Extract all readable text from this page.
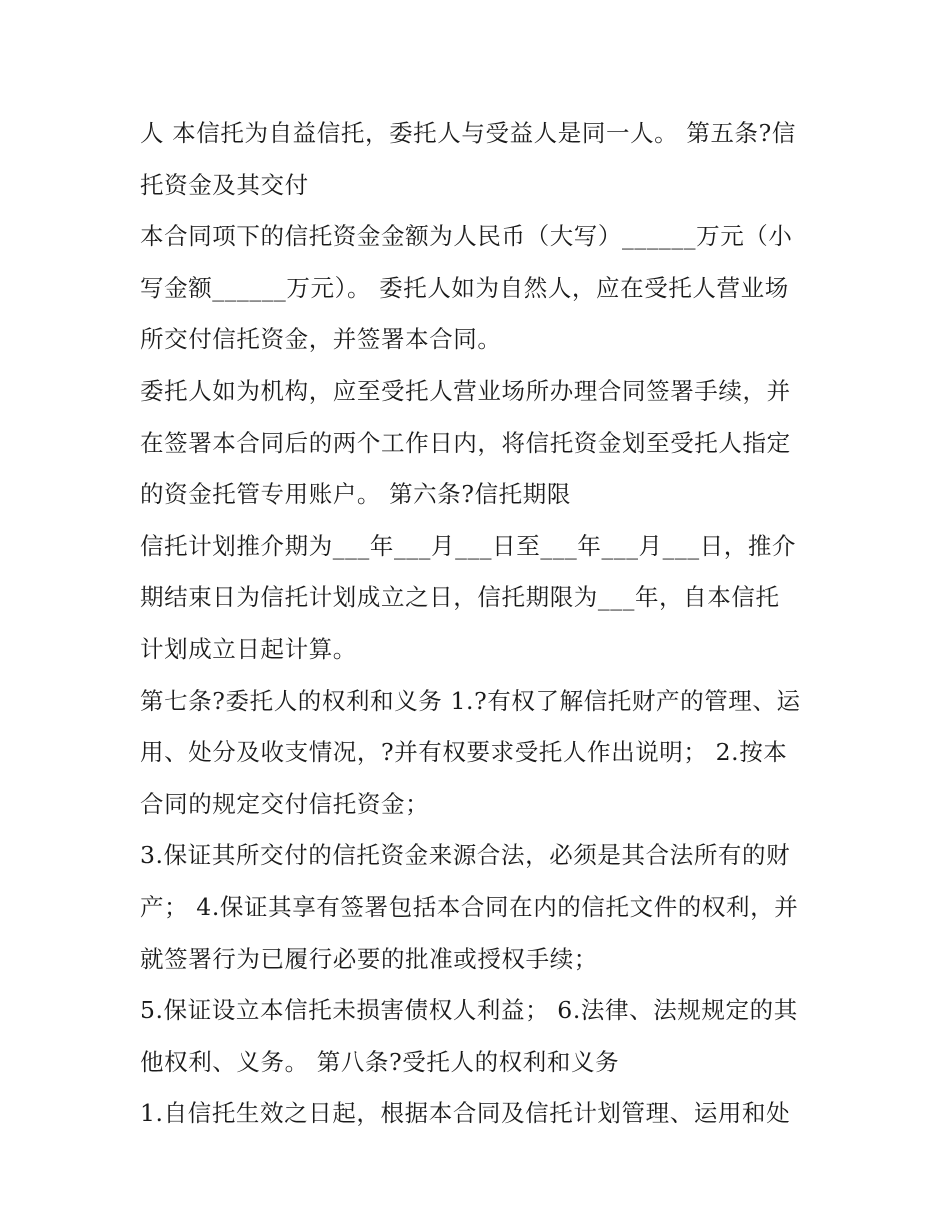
人 本信托为自益信托，委托人与受益人是同一人。 第五条?信
托资金及其交付
本合同项下的信托资金金额为人民币（大写）______万元（小
写金额______万元）。 委托人如为自然人，应在受托人营业场
所交付信托资金，并签署本合同。
委托人如为机构，应至受托人营业场所办理合同签署手续，并
在签署本合同后的两个工作日内，将信托资金划至受托人指定
的资金托管专用账户。 第六条?信托期限
信托计划推介期为___年___月___日至___年___月___日，推介
期结束日为信托计划成立之日，信托期限为___年，自本信托
计划成立日起计算。
第七条?委托人的权利和义务 1.?有权了解信托财产的管理、运
用、处分及收支情况，?并有权要求受托人作出说明； 2.按本
合同的规定交付信托资金；
3.保证其所交付的信托资金来源合法，必须是其合法所有的财
产； 4.保证其享有签署包括本合同在内的信托文件的权利，并
就签署行为已履行必要的批准或授权手续；
5.保证设立本信托未损害债权人利益； 6.法律、法规规定的其
他权利、义务。 第八条?受托人的权利和义务
1.自信托生效之日起，根据本合同及信托计划管理、运用和处
